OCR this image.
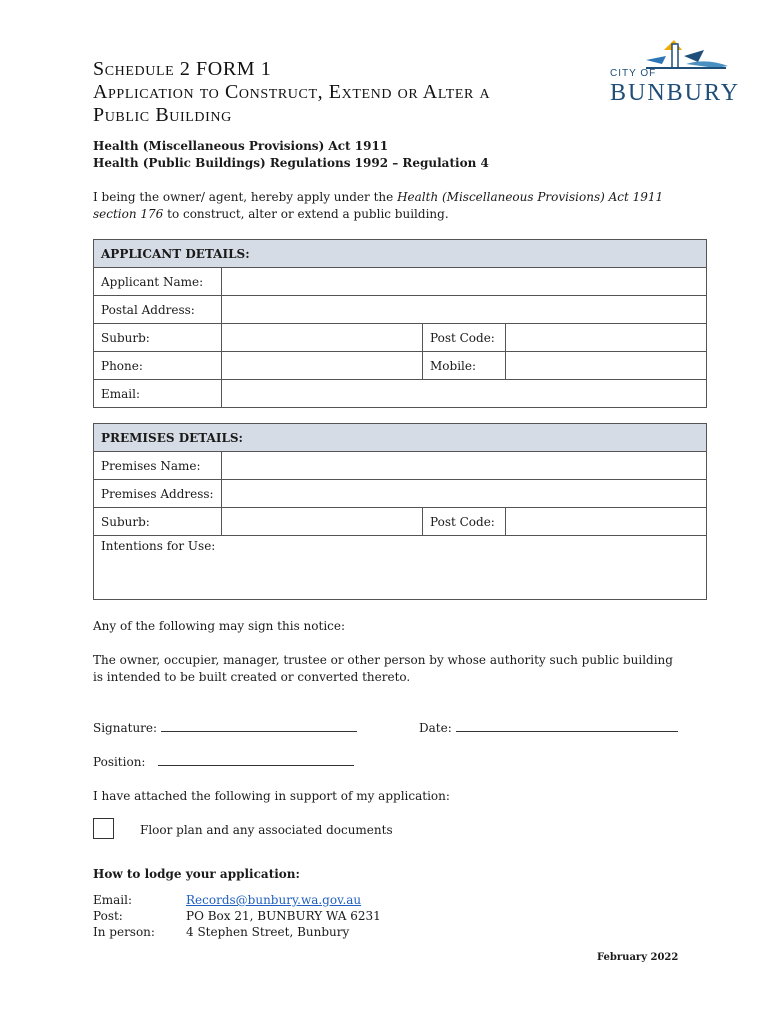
Schedule 2 FORM 1
Application to Construct, Extend or Alter a
Public Building
CITY OF
BUNBURY
Health (Miscellaneous Provisions) Act 1911
Health (Public Buildings) Regulations 1992 – Regulation 4
I being the owner/ agent, hereby apply under the Health (Miscellaneous Provisions) Act 1911 section 176 to construct, alter or extend a public building.
APPLICANT DETAILS:			
Applicant Name:			
Postal Address:			
Suburb:		Post Code:	
Phone:		Mobile:	
Email:			
PREMISES DETAILS:			
Premises Name:			
Premises Address:			
Suburb:		Post Code:	
Intentions for Use:			
Any of the following may sign this notice:
The owner, occupier, manager, trustee or other person by whose authority such public building is intended to be built created or converted thereto.
Signature:	Date:
Position:
I have attached the following in support of my application:
Floor plan and any associated documents
How to lodge your application:
Email:	Records@bunbury.wa.gov.au
Post:	PO Box 21, BUNBURY WA 6231
In person:	4 Stephen Street, Bunbury
February 2022
